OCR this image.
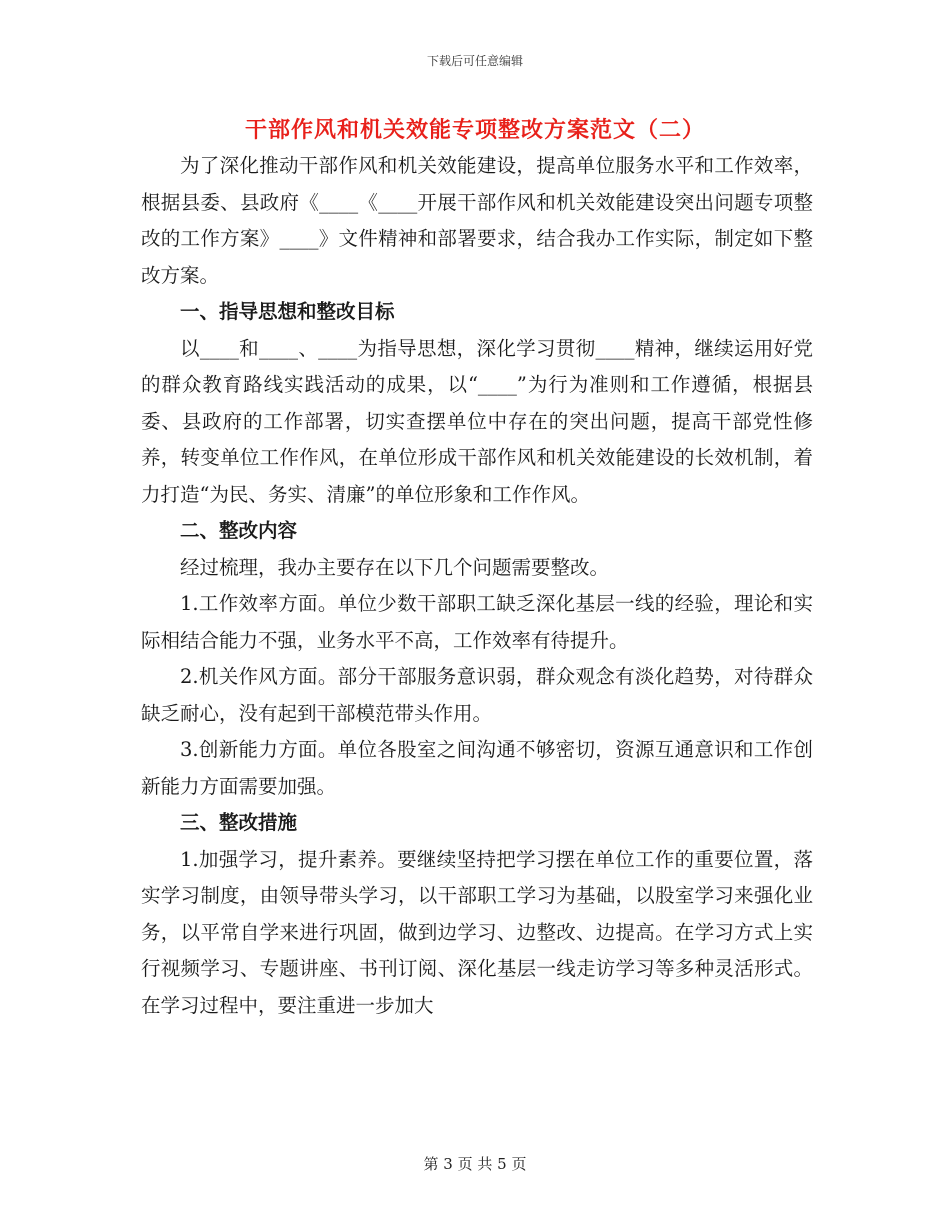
下载后可任意编辑
干部作风和机关效能专项整改方案范文（二）

为了深化推动干部作风和机关效能建设，提高单位服务水平和工作效率，根据县委、县政府《____《____开展干部作风和机关效能建设突出问题专项整改的工作方案》____》文件精神和部署要求，结合我办工作实际，制定如下整改方案。

一、指导思想和整改目标

以____和____、____为指导思想，深化学习贯彻____精神，继续运用好党的群众教育路线实践活动的成果，以“____”为行为准则和工作遵循，根据县委、县政府的工作部署，切实查摆单位中存在的突出问题，提高干部党性修养，转变单位工作作风，在单位形成干部作风和机关效能建设的长效机制，着力打造“为民、务实、清廉”的单位形象和工作作风。

二、整改内容

经过梳理，我办主要存在以下几个问题需要整改。

1.工作效率方面。单位少数干部职工缺乏深化基层一线的经验，理论和实际相结合能力不强，业务水平不高，工作效率有待提升。

2.机关作风方面。部分干部服务意识弱，群众观念有淡化趋势，对待群众缺乏耐心，没有起到干部模范带头作用。

3.创新能力方面。单位各股室之间沟通不够密切，资源互通意识和工作创新能力方面需要加强。

三、整改措施

1.加强学习，提升素养。要继续坚持把学习摆在单位工作的重要位置，落实学习制度，由领导带头学习，以干部职工学习为基础，以股室学习来强化业务，以平常自学来进行巩固，做到边学习、边整改、边提高。在学习方式上实行视频学习、专题讲座、书刊订阅、深化基层一线走访学习等多种灵活形式。在学习过程中，要注重进一步加大

第 3 页 共 5 页
